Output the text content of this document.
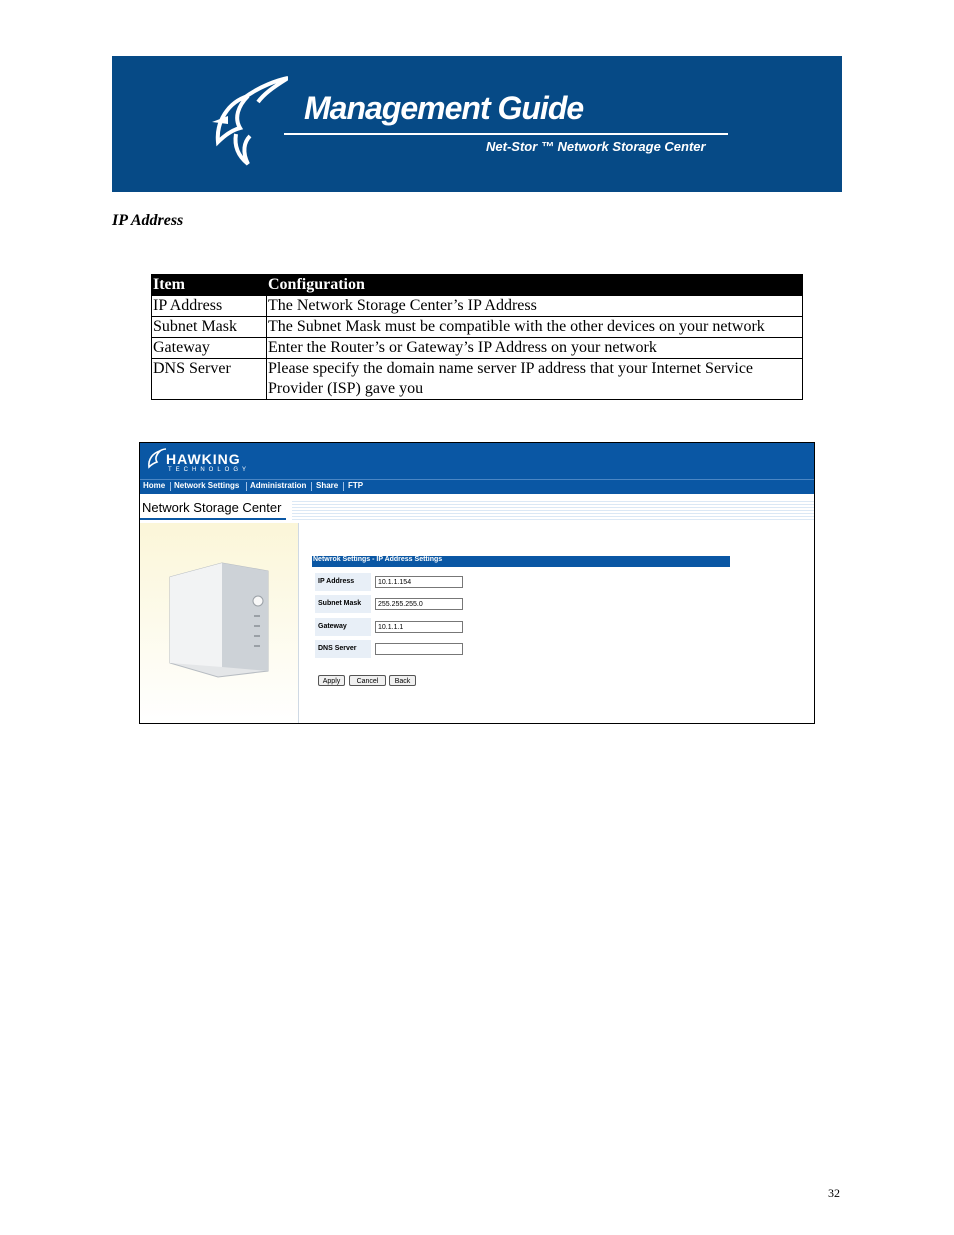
Management Guide
Net-Stor ™ Network Storage Center
IP Address
Item	Configuration
IP Address	The Network Storage Center’s IP Address
Subnet Mask	The Subnet Mask must be compatible with the other devices on your network
Gateway	Enter the Router’s or Gateway’s IP Address on your network
DNS Server	Please specify the domain name server IP address that your Internet Service Provider (ISP) gave you
HAWKING
TECHNOLOGY
Home Network Settings Administration Share FTP
Network Storage Center
Netwrok Settings - IP Address Settings
IP Address	10.1.1.154
Subnet Mask	255.255.255.0
Gateway	10.1.1.1
DNS Server
Apply	Cancel	Back
32
